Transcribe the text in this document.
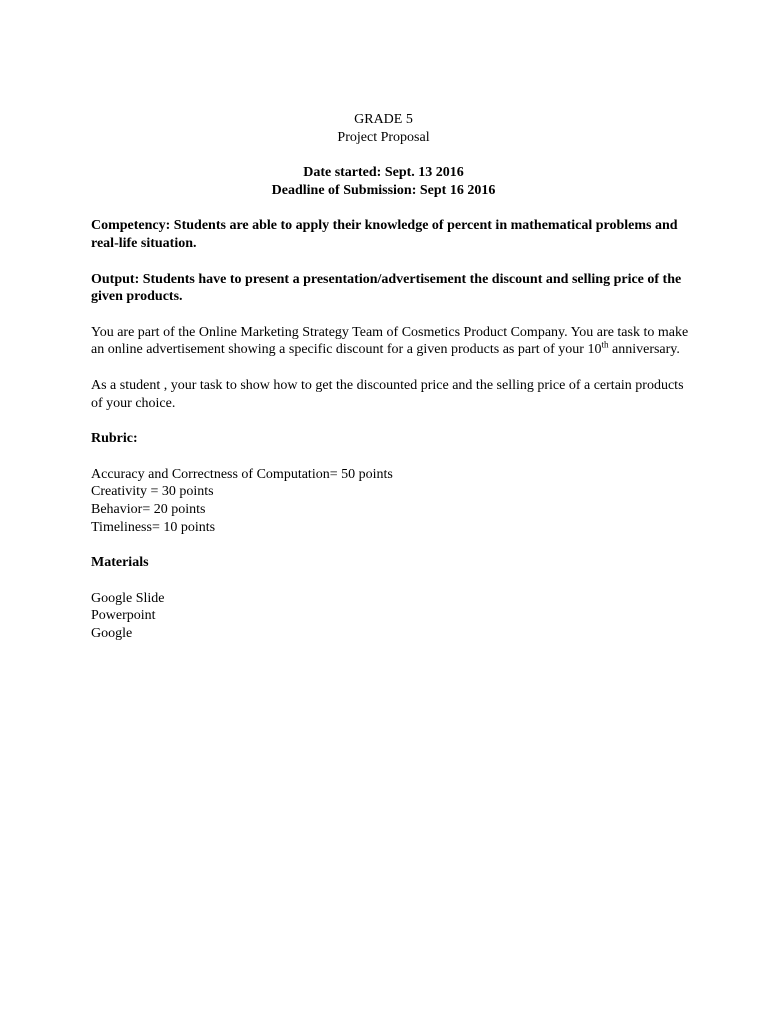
GRADE 5

Project Proposal

Date started: Sept. 13 2016

Deadline of Submission: Sept 16 2016

Competency: Students are able to apply their knowledge of percent in mathematical problems and real-life situation.

Output: Students have to present a presentation/advertisement the discount and selling price of the given products.

You are part of the Online Marketing Strategy Team of Cosmetics Product Company. You are task to make an online advertisement showing a specific discount for a given products as part of your 10th anniversary.

As a student , your task to show how to get the discounted price and the selling price of a certain products of your choice.

Rubric:

Accuracy and Correctness of Computation= 50 points
Creativity = 30 points
Behavior= 20 points
Timeliness= 10 points

Materials

Google Slide
Powerpoint
Google
